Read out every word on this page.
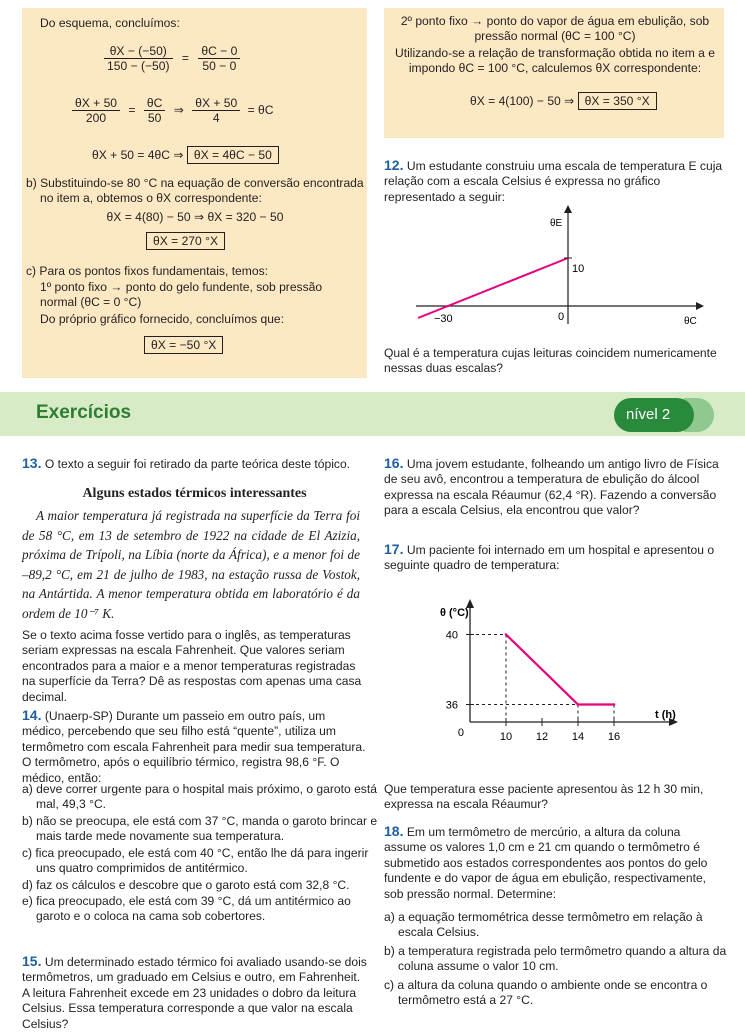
Do esquema, concluímos:
$\frac{\theta X - (-50)}{150 - (-50)} = \frac{\theta C - 0}{50 - 0}$
$\frac{\theta X + 50}{200} = \frac{\theta C}{50}$ ⇒ $\frac{\theta X + 50}{4} = \theta C$
θX + 50 = 4θC ⇒ θX = 4θC − 50
b) Substituindo-se 80 °C na equação de conversão encontrada no item a, obtemos o θX correspondente:
θX = 4(80) − 50 ⇒ θX = 320 − 50
θX = 270 °X
c) Para os pontos fixos fundamentais, temos:
1º ponto fixo → ponto do gelo fundente, sob pressão normal (θC = 0 °C)
Do próprio gráfico fornecido, concluímos que:
θX = −50 °X
2º ponto fixo → ponto do vapor de água em ebulição, sob pressão normal (θC = 100 °C)
Utilizando-se a relação de transformação obtida no item a e impondo θC = 100 °C, calculemos θX correspondente:
θX = 4(100) − 50 ⇒ θX = 350 °X
12. Um estudante construiu uma escala de temperatura E cuja relação com a escala Celsius é expressa no gráfico representado a seguir:
θE
10
−30	0	θC
Qual é a temperatura cujas leituras coincidem numericamente nessas duas escalas?
Exercícios	nível 2
13. O texto a seguir foi retirado da parte teórica deste tópico.
Alguns estados térmicos interessantes
A maior temperatura já registrada na superfície da Terra foi de 58 °C, em 13 de setembro de 1922 na cidade de El Azizia, próxima de Trípoli, na Líbia (norte da África), e a menor foi de –89,2 °C, em 21 de julho de 1983, na estação russa de Vostok, na Antártida. A menor temperatura obtida em laboratório é da ordem de 10⁻⁷ K.
Se o texto acima fosse vertido para o inglês, as temperaturas seriam expressas na escala Fahrenheit. Que valores seriam encontrados para a maior e a menor temperaturas registradas na superfície da Terra? Dê as respostas com apenas uma casa decimal.
14. (Unaerp-SP) Durante um passeio em outro país, um médico, percebendo que seu filho está “quente”, utiliza um termômetro com escala Fahrenheit para medir sua temperatura. O termômetro, após o equilíbrio térmico, registra 98,6 °F. O médico, então:
a) deve correr urgente para o hospital mais próximo, o garoto está mal, 49,3 °C.
b) não se preocupa, ele está com 37 °C, manda o garoto brincar e mais tarde mede novamente sua temperatura.
c) fica preocupado, ele está com 40 °C, então lhe dá para ingerir uns quatro comprimidos de antitérmico.
d) faz os cálculos e descobre que o garoto está com 32,8 °C.
e) fica preocupado, ele está com 39 °C, dá um antitérmico ao garoto e o coloca na cama sob cobertores.
15. Um determinado estado térmico foi avaliado usando-se dois termômetros, um graduado em Celsius e outro, em Fahrenheit. A leitura Fahrenheit excede em 23 unidades o dobro da leitura Celsius. Essa temperatura corresponde a que valor na escala Celsius?
16. Uma jovem estudante, folheando um antigo livro de Física de seu avô, encontrou a temperatura de ebulição do álcool expressa na escala Réaumur (62,4 °R). Fazendo a conversão para a escala Celsius, ela encontrou que valor?
17. Um paciente foi internado em um hospital e apresentou o seguinte quadro de temperatura:
10 12 14 16
0
36
40
θ (°C)
t (h)
Que temperatura esse paciente apresentou às 12 h 30 min, expressa na escala Réaumur?
18. Em um termômetro de mercúrio, a altura da coluna assume os valores 1,0 cm e 21 cm quando o termômetro é submetido aos estados correspondentes aos pontos do gelo fundente e do vapor de água em ebulição, respectivamente, sob pressão normal. Determine:
a) a equação termométrica desse termômetro em relação à escala Celsius.
b) a temperatura registrada pelo termômetro quando a altura da coluna assume o valor 10 cm.
c) a altura da coluna quando o ambiente onde se encontra o termômetro está a 27 °C.
